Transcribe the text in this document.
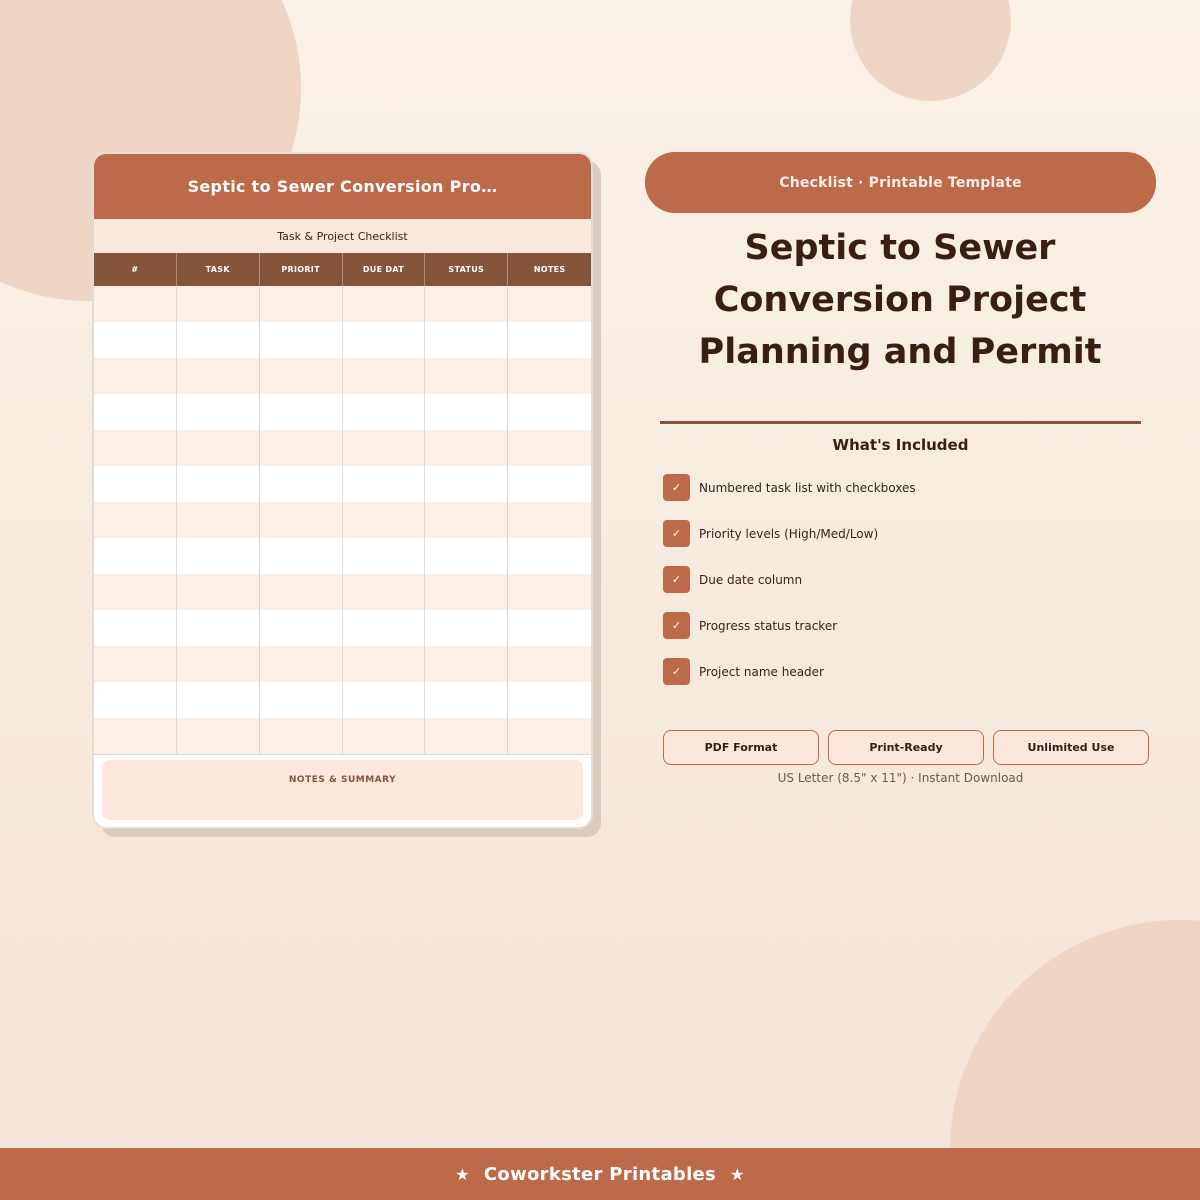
Septic to Sewer Conversion Pro…
Task & Project Checklist
#	TASK	PRIORIT	DUE DAT	STATUS	NOTES
NOTES & SUMMARY
Checklist · Printable Template
Septic to Sewer Conversion Project Planning and Permit
What's Included
✓	Numbered task list with checkboxes
✓	Priority levels (High/Med/Low)
✓	Due date column
✓	Progress status tracker
✓	Project name header
PDF Format	Print-Ready	Unlimited Use
US Letter (8.5" x 11") · Instant Download
★ Coworkster Printables ★
